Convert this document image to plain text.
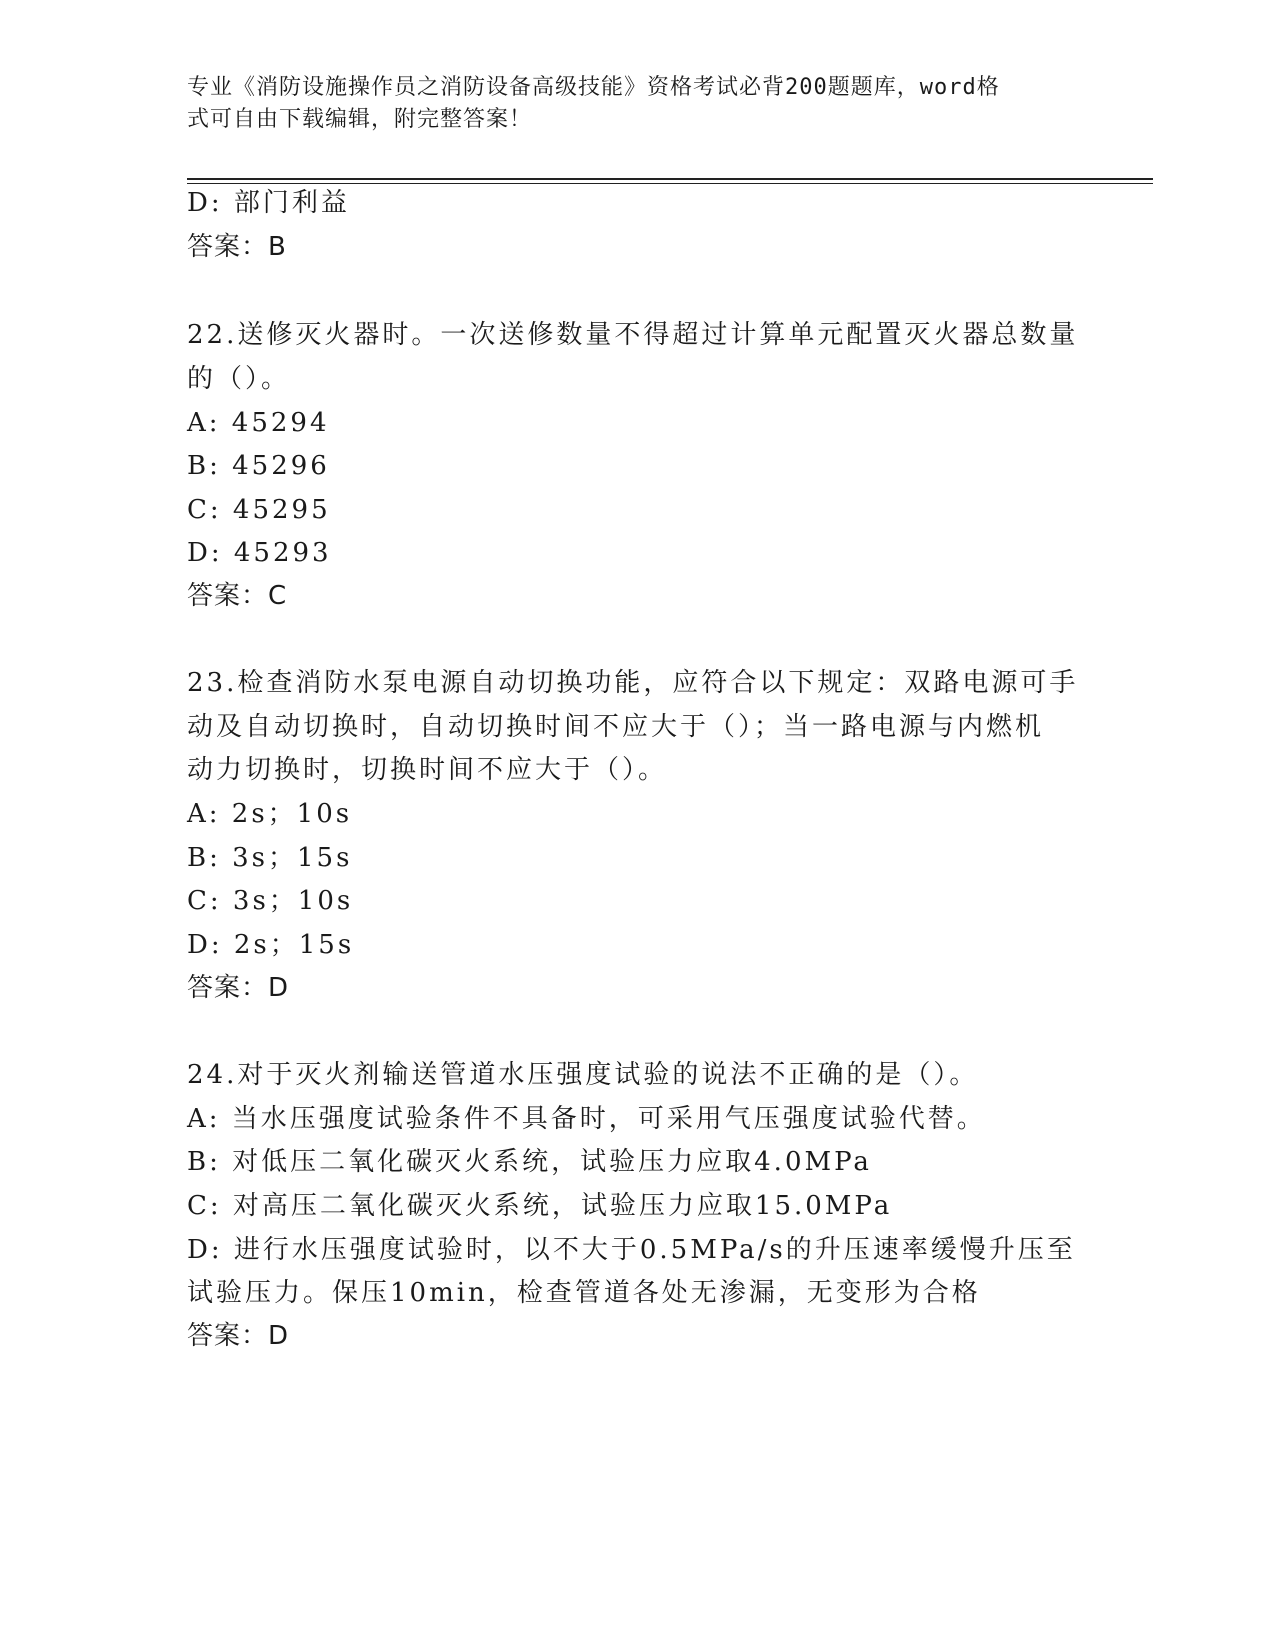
专业《消防设施操作员之消防设备高级技能》资格考试必背200题题库，word格
式可自由下载编辑，附完整答案！
D: 部门利益
答案：B
22.送修灭火器时。一次送修数量不得超过计算单元配置灭火器总数量
的（）。
A: 45294
B: 45296
C: 45295
D: 45293
答案：C
23.检查消防水泵电源自动切换功能，应符合以下规定：双路电源可手
动及自动切换时，自动切换时间不应大于（）；当一路电源与内燃机
动力切换时，切换时间不应大于（）。
A: 2s；10s
B: 3s；15s
C: 3s；10s
D: 2s；15s
答案：D
24.对于灭火剂输送管道水压强度试验的说法不正确的是（）。
A: 当水压强度试验条件不具备时，可采用气压强度试验代替。
B: 对低压二氧化碳灭火系统，试验压力应取4.0MPa
C: 对高压二氧化碳灭火系统，试验压力应取15.0MPa
D: 进行水压强度试验时，以不大于0.5MPa/s的升压速率缓慢升压至
试验压力。保压10min，检查管道各处无渗漏，无变形为合格
答案：D
